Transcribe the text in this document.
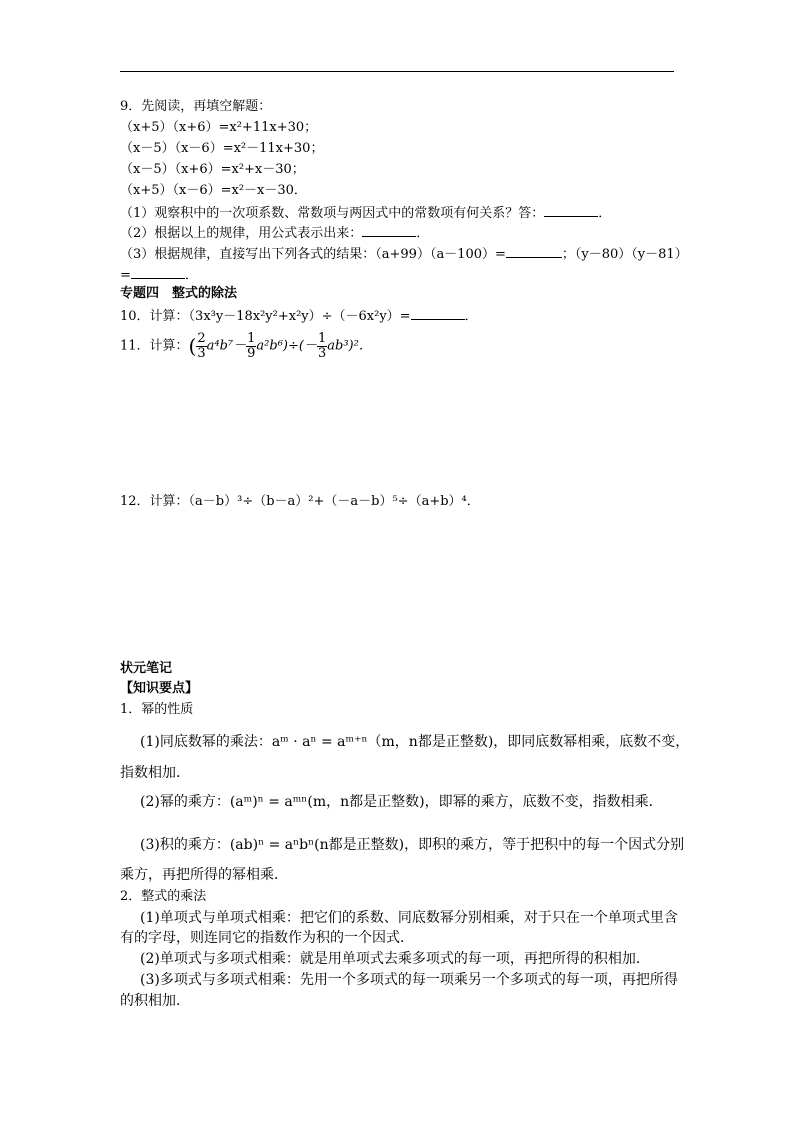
9．先阅读，再填空解题：
（x+5）（x+6）=x²+11x+30；
（x－5）（x－6）=x²－11x+30；
（x－5）（x+6）=x²+x－30；
（x+5）（x－6）=x²－x－30．
（1）观察积中的一次项系数、常数项与两因式中的常数项有何关系？答：	．
（2）根据以上的规律，用公式表示出来：	．
（3）根据规律，直接写出下列各式的结果：（a+99）（a－100）=	；（y－80）（y－81）
=	．
专题四　整式的除法
10．计算：（3x³y－18x²y²+x²y）÷（－6x²y）=	．
11．计算：( $\frac{2}{3} a^4b^7- \frac{1}{9} a^2b^6)\div(- \frac{1}{3} ab^3)^2$．
12．计算：（a－b）³÷（b－a）²+（－a－b）⁵÷（a+b）⁴．
状元笔记
【知识要点】
1．幂的性质
(1)同底数幂的乘法：aᵐ · aⁿ = aᵐ⁺ⁿ（m，n都是正整数)，即同底数幂相乘，底数不变，
指数相加．
(2)幂的乘方：(aᵐ)ⁿ = aᵐⁿ(m，n都是正整数)，即幂的乘方，底数不变，指数相乘．
(3)积的乘方：(ab)ⁿ = aⁿbⁿ(n都是正整数)，即积的乘方，等于把积中的每一个因式分别
乘方，再把所得的幂相乘．
2．整式的乘法
(1)单项式与单项式相乘：把它们的系数、同底数幂分别相乘，对于只在一个单项式里含
有的字母，则连同它的指数作为积的一个因式．
(2)单项式与多项式相乘：就是用单项式去乘多项式的每一项，再把所得的积相加．
(3)多项式与多项式相乘：先用一个多项式的每一项乘另一个多项式的每一项，再把所得
的积相加．
